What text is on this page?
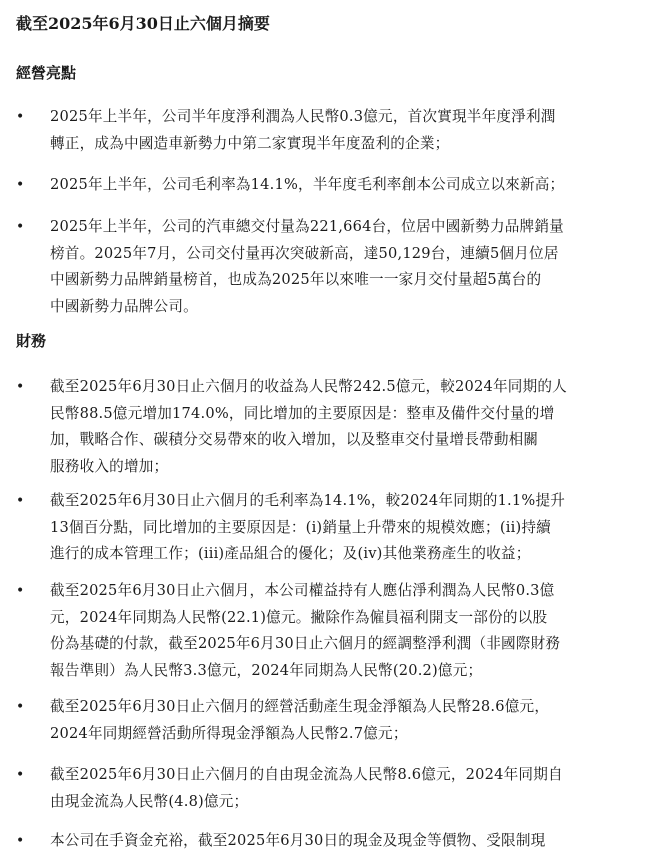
截至2025年6月30日止六個月摘要
經營亮點
• 2025年上半年，公司半年度淨利潤為人民幣0.3億元，首次實現半年度淨利潤
轉正，成為中國造車新勢力中第二家實現半年度盈利的企業；
• 2025年上半年，公司毛利率為14.1%，半年度毛利率創本公司成立以來新高；
• 2025年上半年，公司的汽車總交付量為221,664台，位居中國新勢力品牌銷量
榜首。2025年7月，公司交付量再次突破新高，達50,129台，連續5個月位居
中國新勢力品牌銷量榜首，也成為2025年以來唯一一家月交付量超5萬台的
中國新勢力品牌公司。
財務
• 截至2025年6月30日止六個月的收益為人民幣242.5億元，較2024年同期的人
民幣88.5億元增加174.0%，同比增加的主要原因是：整車及備件交付量的增
加，戰略合作、碳積分交易帶來的收入增加，以及整車交付量增長帶動相關
服務收入的增加；
• 截至2025年6月30日止六個月的毛利率為14.1%，較2024年同期的1.1%提升
13個百分點，同比增加的主要原因是：(i)銷量上升帶來的規模效應；(ii)持續
進行的成本管理工作；(iii)產品組合的優化；及(iv)其他業務產生的收益；
• 截至2025年6月30日止六個月，本公司權益持有人應佔淨利潤為人民幣0.3億
元，2024年同期為人民幣(22.1)億元。撇除作為僱員福利開支一部份的以股
份為基礎的付款，截至2025年6月30日止六個月的經調整淨利潤（非國際財務
報告準則）為人民幣3.3億元，2024年同期為人民幣(20.2)億元；
• 截至2025年6月30日止六個月的經營活動產生現金淨額為人民幣28.6億元，
2024年同期經營活動所得現金淨額為人民幣2.7億元；
• 截至2025年6月30日止六個月的自由現金流為人民幣8.6億元，2024年同期自
由現金流為人民幣(4.8)億元；
• 本公司在手資金充裕，截至2025年6月30日的現金及現金等價物、受限制現
